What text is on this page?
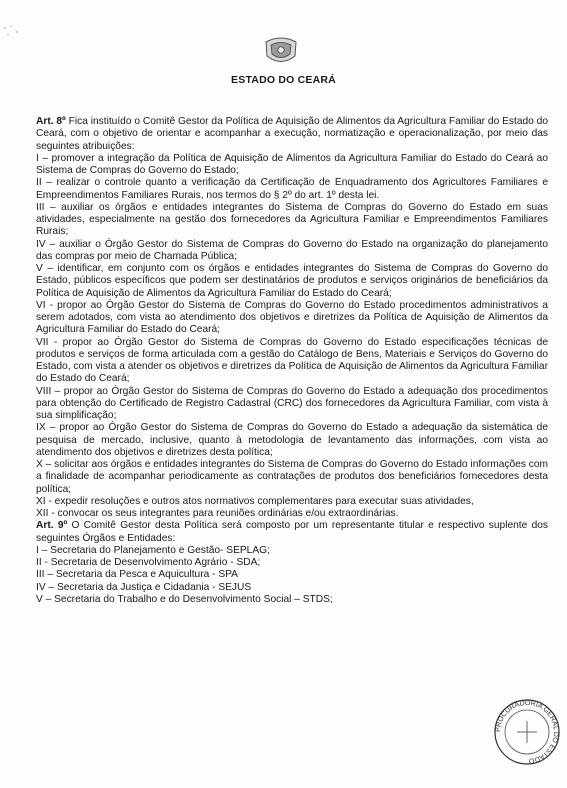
ESTADO DO CEARÁ

Art. 8º Fica instituído o Comitê Gestor da Política de Aquisição de Alimentos da Agricultura Familiar do Estado do Ceará, com o objetivo de orientar e acompanhar a execução, normatização e operacionalização, por meio das seguintes atribuições:

I – promover a integração da Política de Aquisição de Alimentos da Agricultura Familiar do Estado do Ceará ao Sistema de Compras do Governo do Estado;

II – realizar o controle quanto a verificação da Certificação de Enquadramento dos Agricultores Familiares e Empreendimentos Familiares Rurais, nos termos do § 2º do art. 1º desta lei.

III – auxiliar os órgãos e entidades integrantes do Sistema de Compras do Governo do Estado em suas atividades, especialmente na gestão dos fornecedores da Agricultura Familiar e Empreendimentos Familiares Rurais;

IV – auxiliar o Órgão Gestor do Sistema de Compras do Governo do Estado na organização do planejamento das compras por meio de Chamada Pública;

V – identificar, em conjunto com os órgãos e entidades integrantes do Sistema de Compras do Governo do Estado, públicos específicos que podem ser destinatários de produtos e serviços originários de beneficiários da Política de Aquisição de Alimentos da Agricultura Familiar do Estado do Ceará;

VI - propor ao Órgão Gestor do Sistema de Compras do Governo do Estado procedimentos administrativos a serem adotados, com vista ao atendimento dos objetivos e diretrizes da Política de Aquisição de Alimentos da Agricultura Familiar do Estado do Ceará;

VII - propor ao Órgão Gestor do Sistema de Compras do Governo do Estado especificações técnicas de produtos e serviços de forma articulada com a gestão do Catálogo de Bens, Materiais e Serviços do Governo do Estado, com vista a atender os objetivos e diretrizes da Política de Aquisição de Alimentos da Agricultura Familiar do Estado do Ceará;

VIII – propor ao Órgão Gestor do Sistema de Compras do Governo do Estado a adequação dos procedimentos para obtenção do Certificado de Registro Cadastral (CRC) dos fornecedores da Agricultura Familiar, com vista à sua simplificação;

IX – propor ao Órgão Gestor do Sistema de Compras do Governo do Estado a adequação da sistemática de pesquisa de mercado, inclusive, quanto à metodologia de levantamento das informações, com vista ao atendimento dos objetivos e diretrizes desta política;

X – solicitar aos órgãos e entidades integrantes do Sistema de Compras do Governo do Estado informações com a finalidade de acompanhar periodicamente as contratações de produtos dos beneficiários fornecedores desta política;

XI - expedir resoluções e outros atos normativos complementares para executar suas atividades,

XII - convocar os seus integrantes para reuniões ordinárias e/ou extraordinárias.

Art. 9º O Comitê Gestor desta Política será composto por um representante titular e respectivo suplente dos seguintes Órgãos e Entidades:

I – Secretaria do Planejamento e Gestão- SEPLAG;

II - Secretaria de Desenvolvimento Agrário - SDA;

III – Secretaria da Pesca e Aquicultura - SPA

IV – Secretaria da Justiça e Cidadania - SEJUS

V – Secretaria do Trabalho e do Desenvolvimento Social – STDS;

PROCURADORIA GERAL DO ESTADO
